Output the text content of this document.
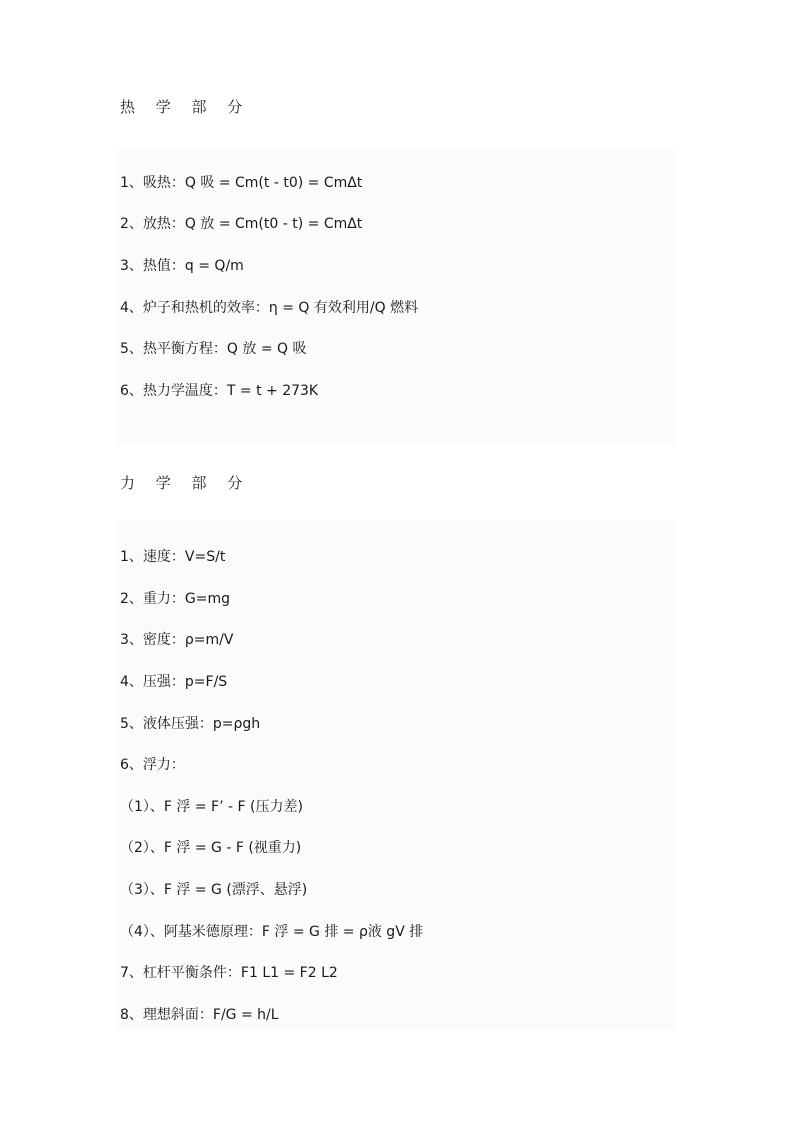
热 学 部 分
1、吸热：Q 吸 = Cm(t - t0) = CmΔt
2、放热：Q 放 = Cm(t0 - t) = CmΔt
3、热值：q = Q/m
4、炉子和热机的效率：η = Q 有效利用/Q 燃料
5、热平衡方程：Q 放 = Q 吸
6、热力学温度：T = t + 273K
力 学 部 分
1、速度：V=S/t
2、重力：G=mg
3、密度：ρ=m/V
4、压强：p=F/S
5、液体压强：p=ρgh
6、浮力：
（1）、F 浮 = F’ - F (压力差)
（2）、F 浮 = G - F (视重力)
（3）、F 浮 = G (漂浮、悬浮)
（4）、阿基米德原理：F 浮 = G 排 = ρ液 gV 排
7、杠杆平衡条件：F1 L1 = F2 L2
8、理想斜面：F/G = h/L
